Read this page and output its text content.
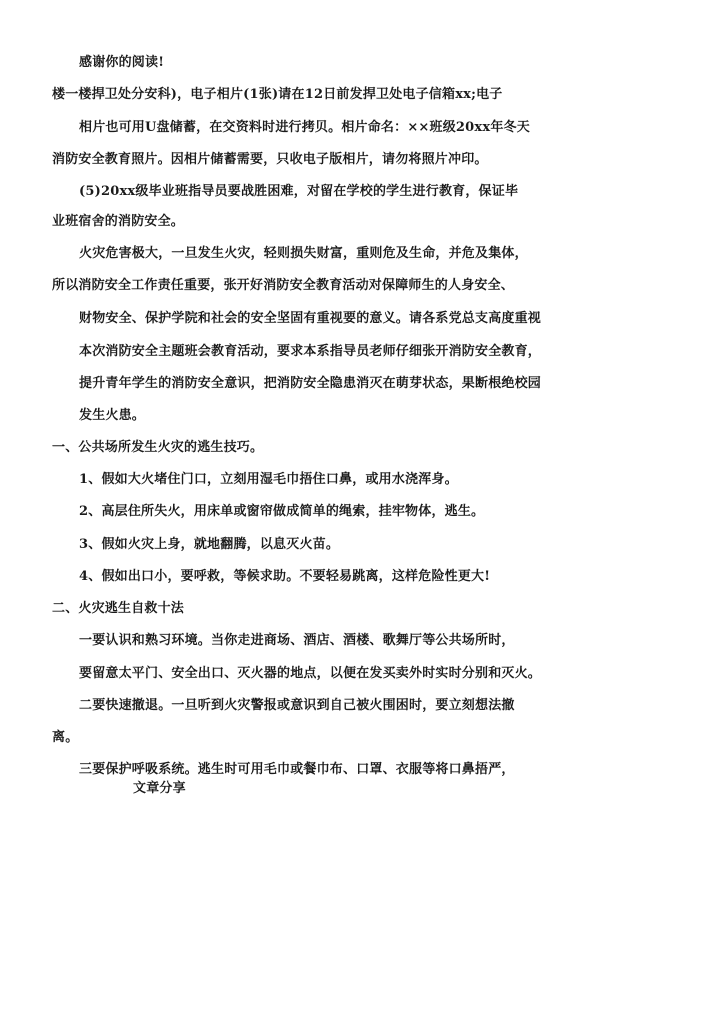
感谢你的阅读!
楼一楼捍卫处分安科)，电子相片(1张)请在12日前发捍卫处电子信箱xx;电子
相片也可用U盘储蓄，在交资料时进行拷贝。相片命名：××班级20xx年冬天
消防安全教育照片。因相片储蓄需要，只收电子版相片，请勿将照片冲印。
(5)20xx级毕业班指导员要战胜困难，对留在学校的学生进行教育，保证毕
业班宿舍的消防安全。
火灾危害极大，一旦发生火灾，轻则损失财富，重则危及生命，并危及集体，
所以消防安全工作责任重要，张开好消防安全教育活动对保障师生的人身安全、
财物安全、保护学院和社会的安全坚固有重视要的意义。请各系党总支高度重视
本次消防安全主题班会教育活动，要求本系指导员老师仔细张开消防安全教育，
提升青年学生的消防安全意识，把消防安全隐患消灭在萌芽状态，果断根绝校园
发生火患。
一、公共场所发生火灾的逃生技巧。
1、假如大火堵住门口，立刻用湿毛巾捂住口鼻，或用水浇浑身。
2、高层住所失火，用床单或窗帘做成简单的绳索，挂牢物体，逃生。
3、假如火灾上身，就地翻腾，以息灭火苗。
4、假如出口小，要呼救，等候求助。不要轻易跳离，这样危险性更大!
二、火灾逃生自救十法
一要认识和熟习环境。当你走进商场、酒店、酒楼、歌舞厅等公共场所时，
要留意太平门、安全出口、灭火器的地点，以便在发买卖外时实时分别和灭火。
二要快速撤退。一旦听到火灾警报或意识到自己被火围困时，要立刻想法撤
离。
三要保护呼吸系统。逃生时可用毛巾或餐巾布、口罩、衣服等将口鼻捂严，
文章分享
